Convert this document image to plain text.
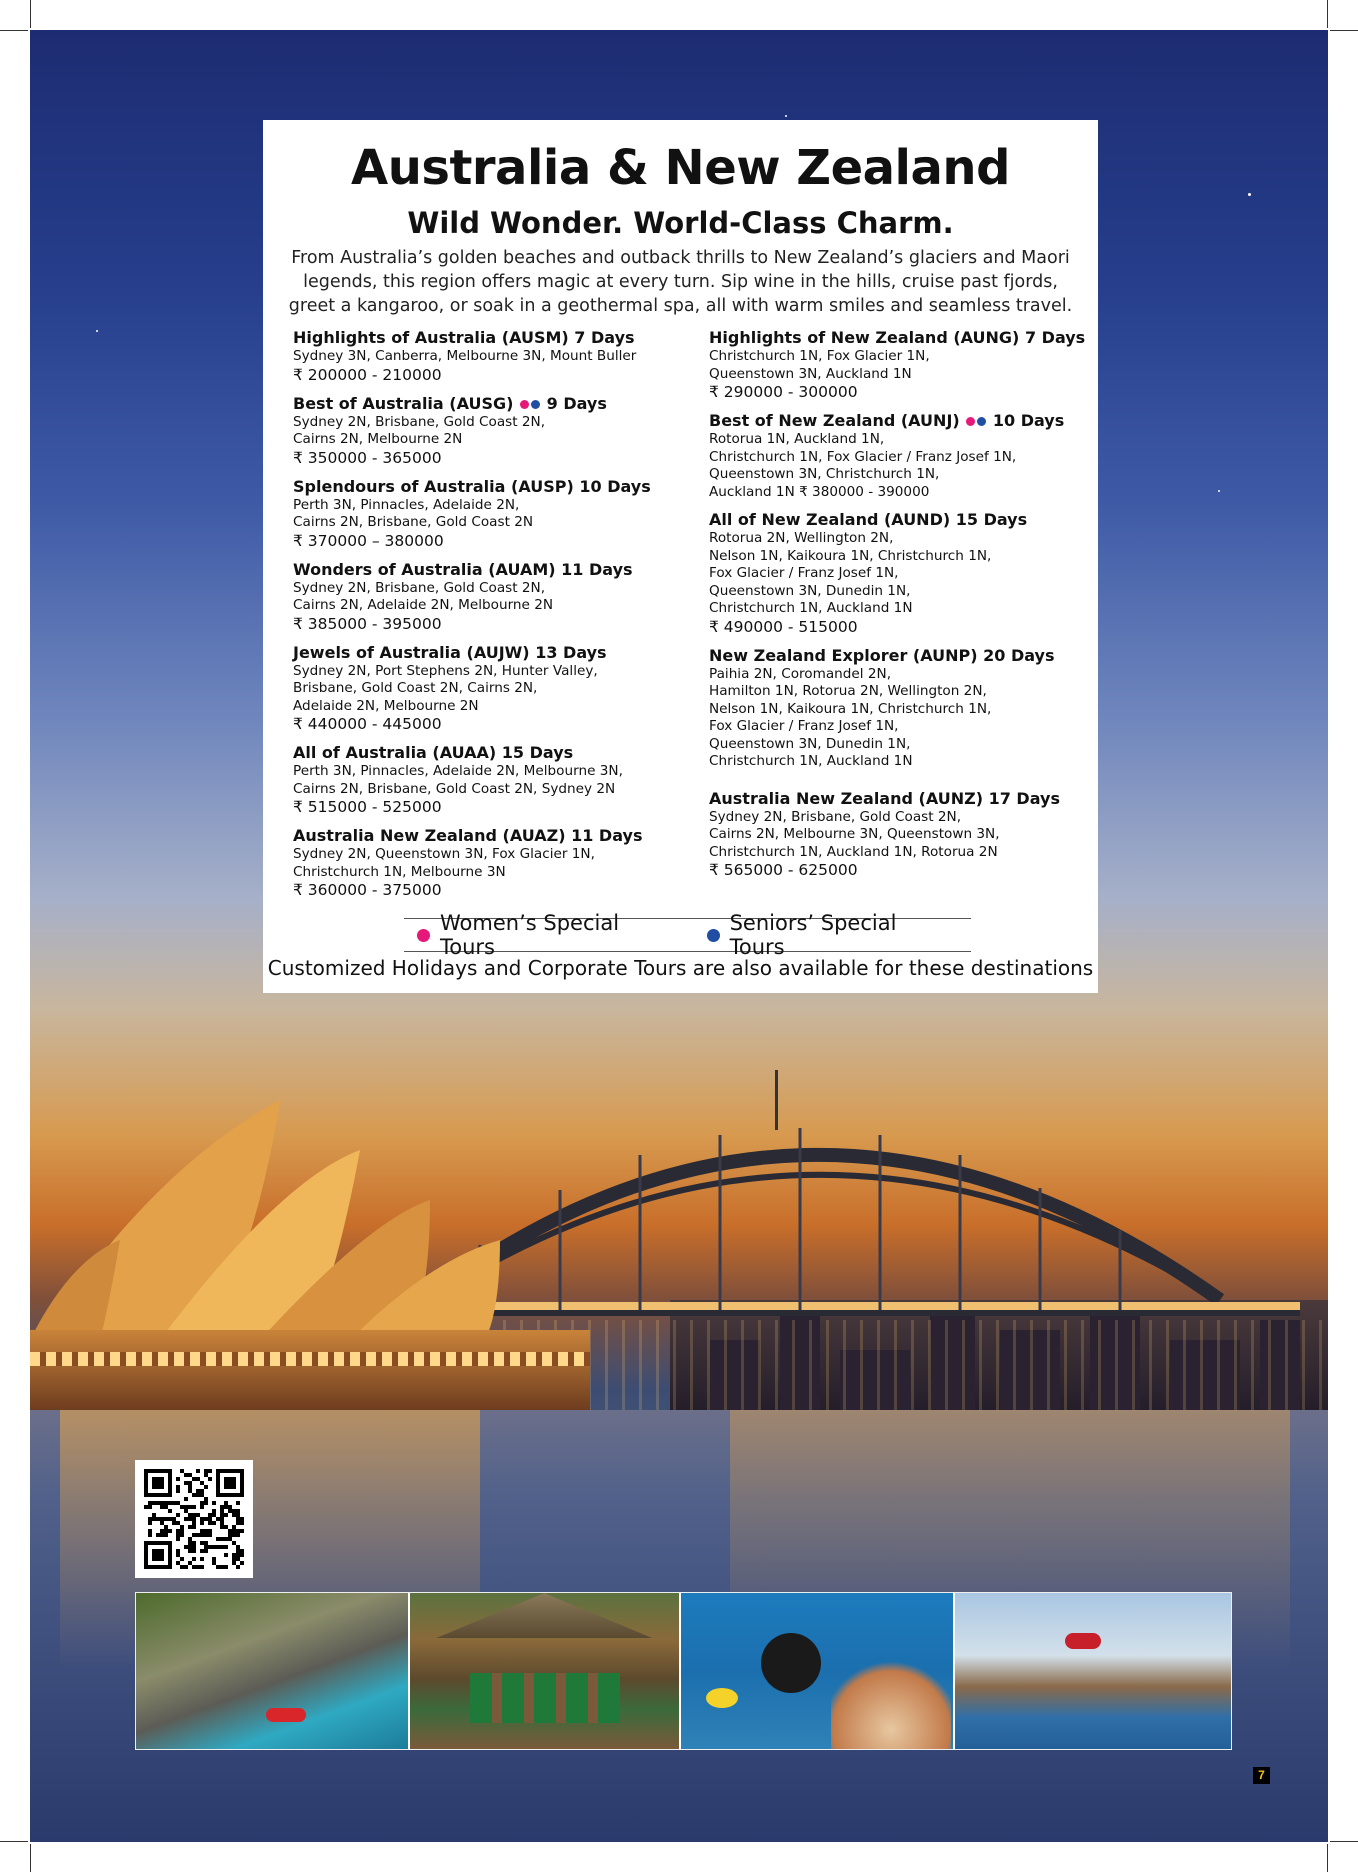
Australia & New Zealand
Wild Wonder. World-Class Charm.
From Australia’s golden beaches and outback thrills to New Zealand’s glaciers and Maori
legends, this region offers magic at every turn. Sip wine in the hills, cruise past fjords,
greet a kangaroo, or soak in a geothermal spa, all with warm smiles and seamless travel.
Highlights of Australia (AUSM) 7 Days
Sydney 3N, Canberra, Melbourne 3N, Mount Buller
₹ 200000 - 210000
Best of Australia (AUSG) 9 Days
Sydney 2N, Brisbane, Gold Coast 2N,
Cairns 2N, Melbourne 2N
₹ 350000 - 365000
Splendours of Australia (AUSP) 10 Days
Perth 3N, Pinnacles, Adelaide 2N,
Cairns 2N, Brisbane, Gold Coast 2N
₹ 370000 – 380000
Wonders of Australia (AUAM) 11 Days
Sydney 2N, Brisbane, Gold Coast 2N,
Cairns 2N, Adelaide 2N, Melbourne 2N
₹ 385000 - 395000
Jewels of Australia (AUJW) 13 Days
Sydney 2N, Port Stephens 2N, Hunter Valley,
Brisbane, Gold Coast 2N, Cairns 2N,
Adelaide 2N, Melbourne 2N
₹ 440000 - 445000
All of Australia (AUAA) 15 Days
Perth 3N, Pinnacles, Adelaide 2N, Melbourne 3N,
Cairns 2N, Brisbane, Gold Coast 2N, Sydney 2N
₹ 515000 - 525000
Australia New Zealand (AUAZ) 11 Days
Sydney 2N, Queenstown 3N, Fox Glacier 1N,
Christchurch 1N, Melbourne 3N
₹ 360000 - 375000
Highlights of New Zealand (AUNG) 7 Days
Christchurch 1N, Fox Glacier 1N,
Queenstown 3N, Auckland 1N
₹ 290000 - 300000
Best of New Zealand (AUNJ) 10 Days
Rotorua 1N, Auckland 1N,
Christchurch 1N, Fox Glacier / Franz Josef 1N,
Queenstown 3N, Christchurch 1N,
Auckland 1N ₹ 380000 - 390000
All of New Zealand (AUND) 15 Days
Rotorua 2N, Wellington 2N,
Nelson 1N, Kaikoura 1N, Christchurch 1N,
Fox Glacier / Franz Josef 1N,
Queenstown 3N, Dunedin 1N,
Christchurch 1N, Auckland 1N
₹ 490000 - 515000
New Zealand Explorer (AUNP) 20 Days
Paihia 2N, Coromandel 2N,
Hamilton 1N, Rotorua 2N, Wellington 2N,
Nelson 1N, Kaikoura 1N, Christchurch 1N,
Fox Glacier / Franz Josef 1N,
Queenstown 3N, Dunedin 1N,
Christchurch 1N, Auckland 1N
Australia New Zealand (AUNZ) 17 Days
Sydney 2N, Brisbane, Gold Coast 2N,
Cairns 2N, Melbourne 3N, Queenstown 3N,
Christchurch 1N, Auckland 1N, Rotorua 2N
₹ 565000 - 625000
Women’s Special Tours
Seniors’ Special Tours
Customized Holidays and Corporate Tours are also available for these destinations
7
